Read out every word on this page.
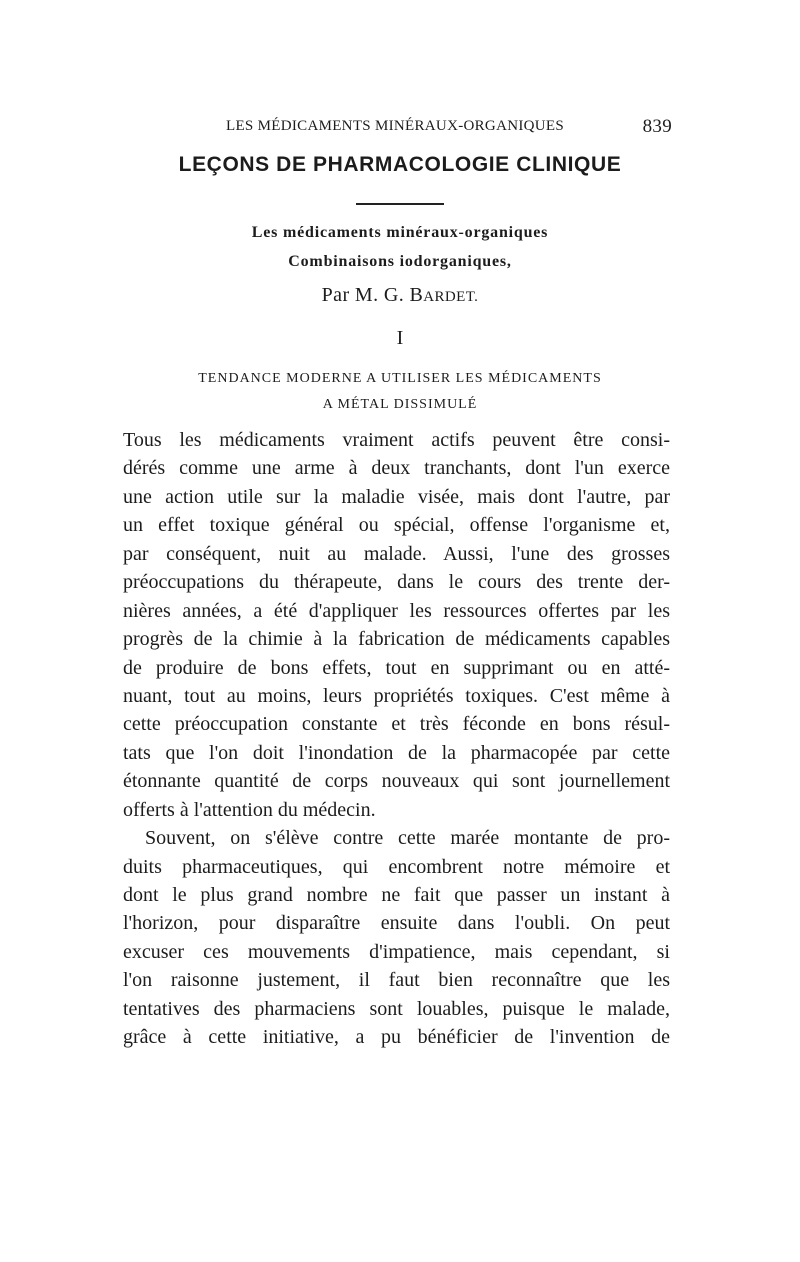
LES MÉDICAMENTS MINÉRAUX-ORGANIQUES	839
LEÇONS DE PHARMACOLOGIE CLINIQUE
Les médicaments minéraux-organiques
Combinaisons iodorganiques,
Par M. G. BARDET.
I
TENDANCE MODERNE A UTILISER LES MÉDICAMENTS
A MÉTAL DISSIMULÉ
Tous les médicaments vraiment actifs peuvent être consi-
dérés comme une arme à deux tranchants, dont l'un exerce
une action utile sur la maladie visée, mais dont l'autre, par
un effet toxique général ou spécial, offense l'organisme et,
par conséquent, nuit au malade. Aussi, l'une des grosses
préoccupations du thérapeute, dans le cours des trente der-
nières années, a été d'appliquer les ressources offertes par les
progrès de la chimie à la fabrication de médicaments capables
de produire de bons effets, tout en supprimant ou en atté-
nuant, tout au moins, leurs propriétés toxiques. C'est même à
cette préoccupation constante et très féconde en bons résul-
tats que l'on doit l'inondation de la pharmacopée par cette
étonnante quantité de corps nouveaux qui sont journellement
offerts à l'attention du médecin.
Souvent, on s'élève contre cette marée montante de pro-
duits pharmaceutiques, qui encombrent notre mémoire et
dont le plus grand nombre ne fait que passer un instant à
l'horizon, pour disparaître ensuite dans l'oubli. On peut
excuser ces mouvements d'impatience, mais cependant, si
l'on raisonne justement, il faut bien reconnaître que les
tentatives des pharmaciens sont louables, puisque le malade,
grâce à cette initiative, a pu bénéficier de l'invention de
